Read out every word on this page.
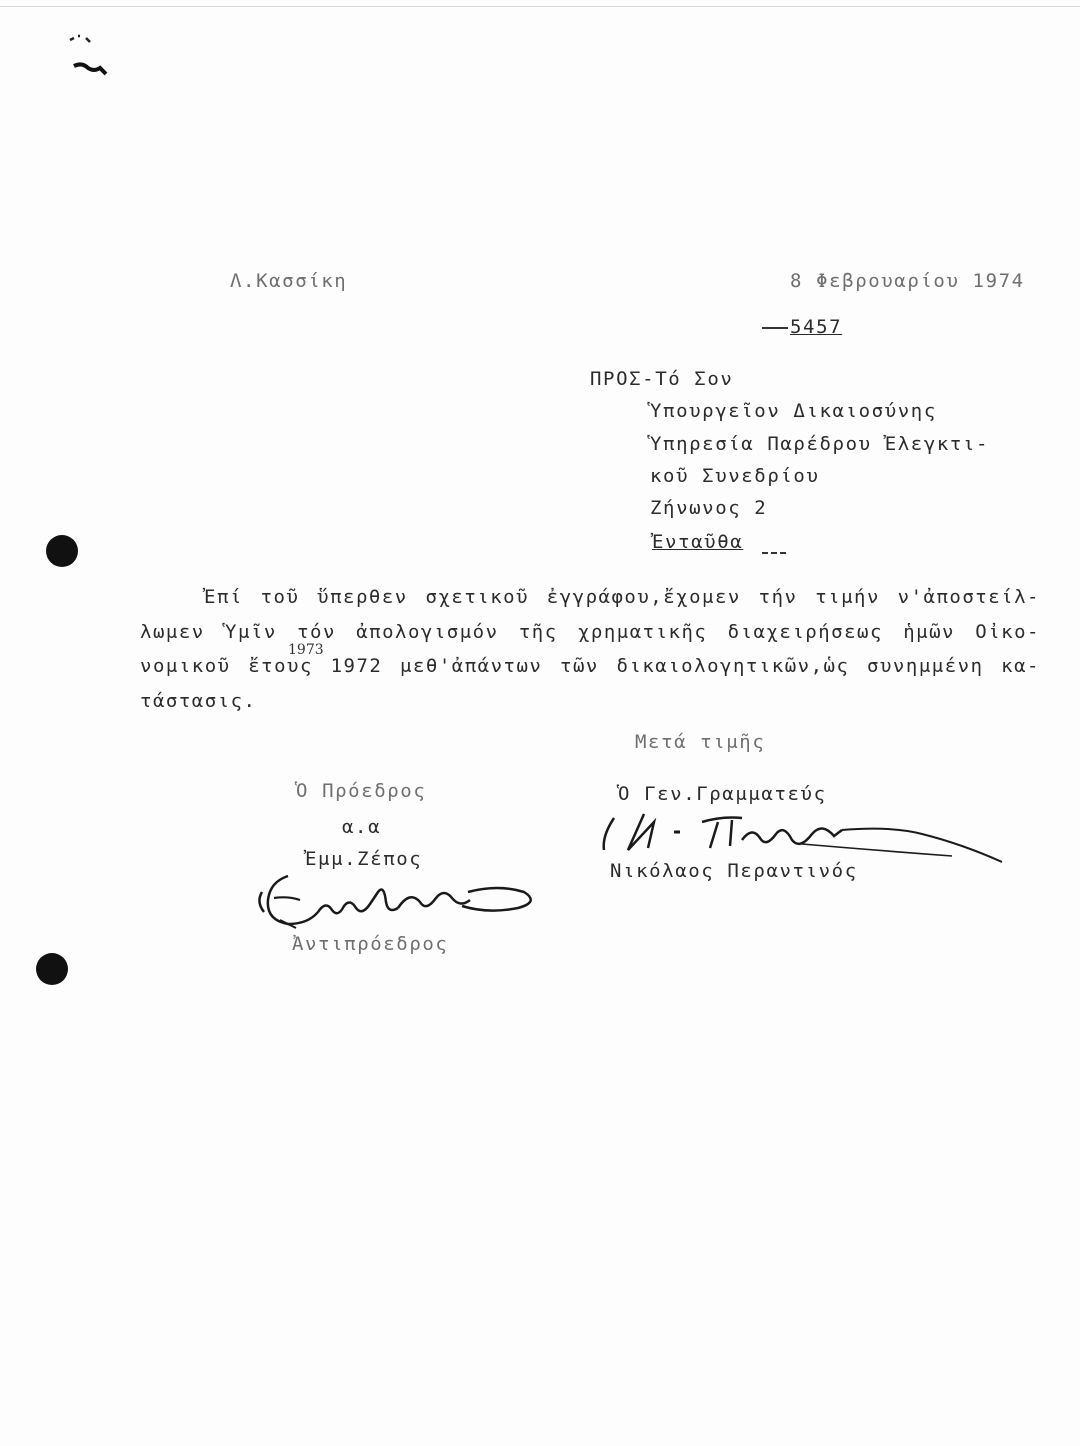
Λ.Κασσίκη	8 Φεβρουαρίου 1974
5457
ΠΡΟΣ-Τό Σον
Ὑπουργεῖον Δικαιοσύνης
Ὑπηρεσία Παρέδρου Ἐλεγκτι-
κοῦ Συνεδρίου
Ζήνωνος 2
Ἐνταῦθα
Ἐπί τοῦ ὕπερθεν σχετικοῦ ἐγγράφου,ἔχομεν τήν τιμήν ν'ἀποστείλ-
λωμεν Ὑμῖν τόν ἀπολογισμόν τῆς χρηματικῆς διαχειρήσεως ἡμῶν Οἰκο-
νομικοῦ ἔτους 1972 μεθ'ἀπάντων τῶν δικαιολογητικῶν,ὡς συνημμένη κα-
τάστασις.
1973
Μετά τιμῆς
Ὁ Πρόεδρος
α.α
Ἐμμ.Ζέπος
Ἀντιπρόεδρος
Ὁ Γεν.Γραμματεύς
Νικόλαος Περαντινός
